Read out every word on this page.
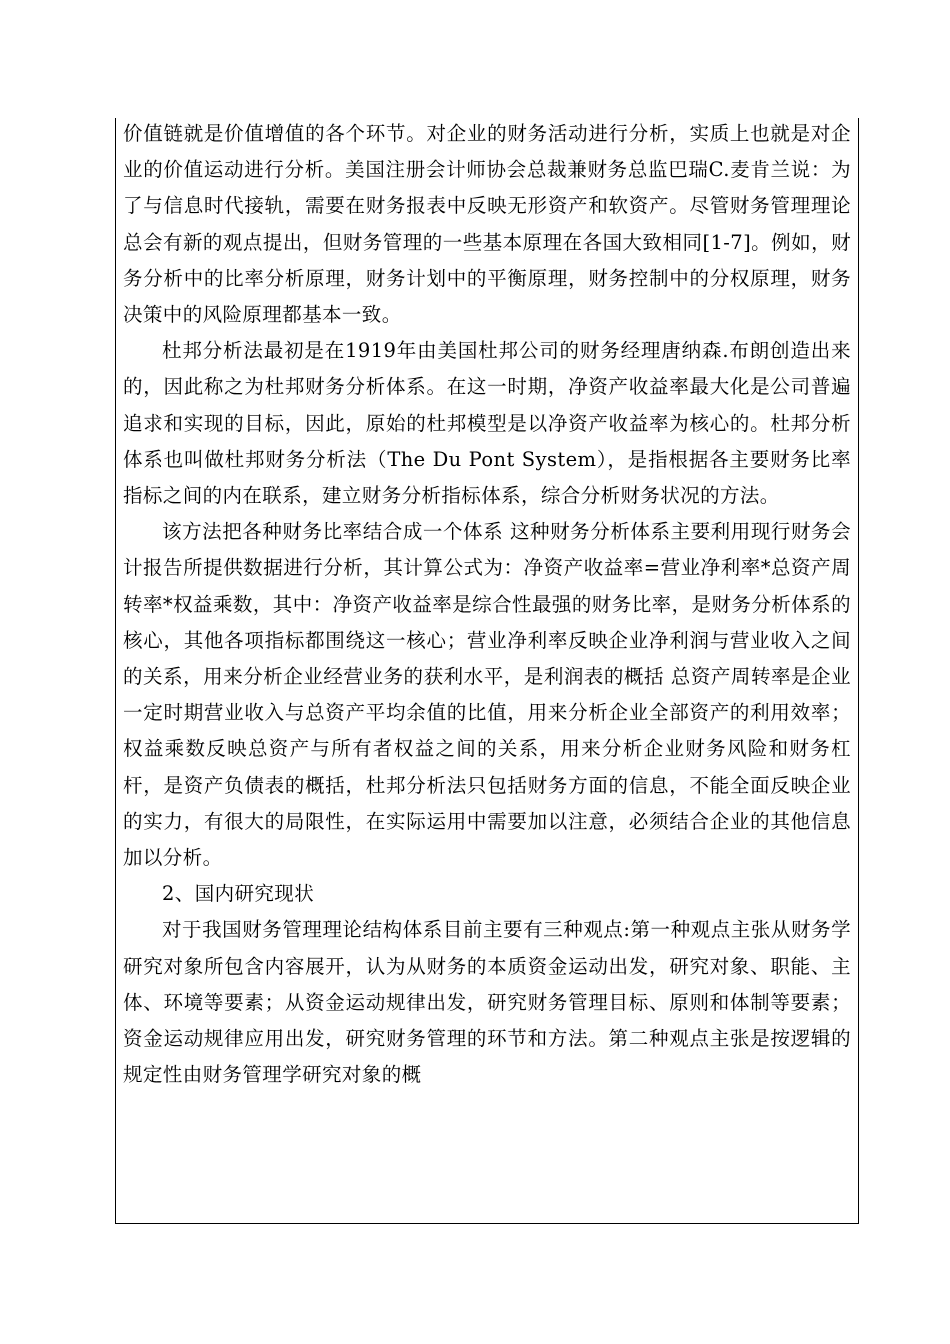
价值链就是价值增值的各个环节。对企业的财务活动进行分析，实质上也就是对企业的价值运动进行分析。美国注册会计师协会总裁兼财务总监巴瑞C.麦肯兰说：为了与信息时代接轨，需要在财务报表中反映无形资产和软资产。尽管财务管理理论总会有新的观点提出，但财务管理的一些基本原理在各国大致相同[1-7]。例如，财务分析中的比率分析原理，财务计划中的平衡原理，财务控制中的分权原理，财务决策中的风险原理都基本一致。

杜邦分析法最初是在1919年由美国杜邦公司的财务经理唐纳森.布朗创造出来的，因此称之为杜邦财务分析体系。在这一时期，净资产收益率最大化是公司普遍追求和实现的目标，因此，原始的杜邦模型是以净资产收益率为核心的。杜邦分析体系也叫做杜邦财务分析法（The Du Pont System），是指根据各主要财务比率指标之间的内在联系，建立财务分析指标体系，综合分析财务状况的方法。

该方法把各种财务比率结合成一个体系 这种财务分析体系主要利用现行财务会计报告所提供数据进行分析，其计算公式为：净资产收益率=营业净利率*总资产周转率*权益乘数，其中：净资产收益率是综合性最强的财务比率，是财务分析体系的核心，其他各项指标都围绕这一核心；营业净利率反映企业净利润与营业收入之间的关系，用来分析企业经营业务的获利水平，是利润表的概括 总资产周转率是企业一定时期营业收入与总资产平均余值的比值，用来分析企业全部资产的利用效率；权益乘数反映总资产与所有者权益之间的关系，用来分析企业财务风险和财务杠杆，是资产负债表的概括，杜邦分析法只包括财务方面的信息，不能全面反映企业的实力，有很大的局限性，在实际运用中需要加以注意，必须结合企业的其他信息加以分析。

2、国内研究现状

对于我国财务管理理论结构体系目前主要有三种观点:第一种观点主张从财务学研究对象所包含内容展开，认为从财务的本质资金运动出发，研究对象、职能、主体、环境等要素；从资金运动规律出发，研究财务管理目标、原则和体制等要素；资金运动规律应用出发，研究财务管理的环节和方法。第二种观点主张是按逻辑的规定性由财务管理学研究对象的概
